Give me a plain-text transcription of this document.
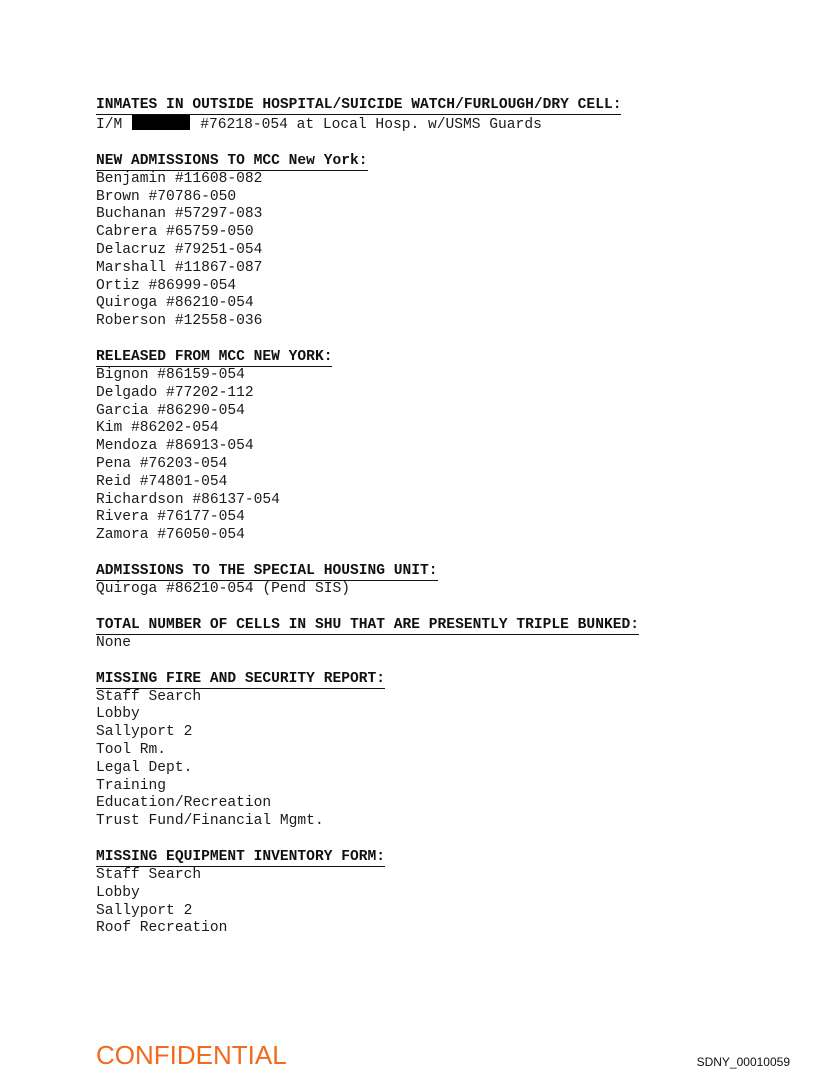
INMATES IN OUTSIDE HOSPITAL/SUICIDE WATCH/FURLOUGH/DRY CELL:
I/M	#76218-054 at Local Hosp. w/USMS Guards
NEW ADMISSIONS TO MCC New York:
Benjamin #11608-082
Brown #70786-050
Buchanan #57297-083
Cabrera #65759-050
Delacruz #79251-054
Marshall #11867-087
Ortiz #86999-054
Quiroga #86210-054
Roberson #12558-036
RELEASED FROM MCC NEW YORK:
Bignon #86159-054
Delgado #77202-112
Garcia #86290-054
Kim #86202-054
Mendoza #86913-054
Pena #76203-054
Reid #74801-054
Richardson #86137-054
Rivera #76177-054
Zamora #76050-054
ADMISSIONS TO THE SPECIAL HOUSING UNIT:
Quiroga #86210-054 (Pend SIS)
TOTAL NUMBER OF CELLS IN SHU THAT ARE PRESENTLY TRIPLE BUNKED:
None
MISSING FIRE AND SECURITY REPORT:
Staff Search
Lobby
Sallyport 2
Tool Rm.
Legal Dept.
Training
Education/Recreation
Trust Fund/Financial Mgmt.
MISSING EQUIPMENT INVENTORY FORM:
Staff Search
Lobby
Sallyport 2
Roof Recreation
CONFIDENTIAL	SDNY_00010059
